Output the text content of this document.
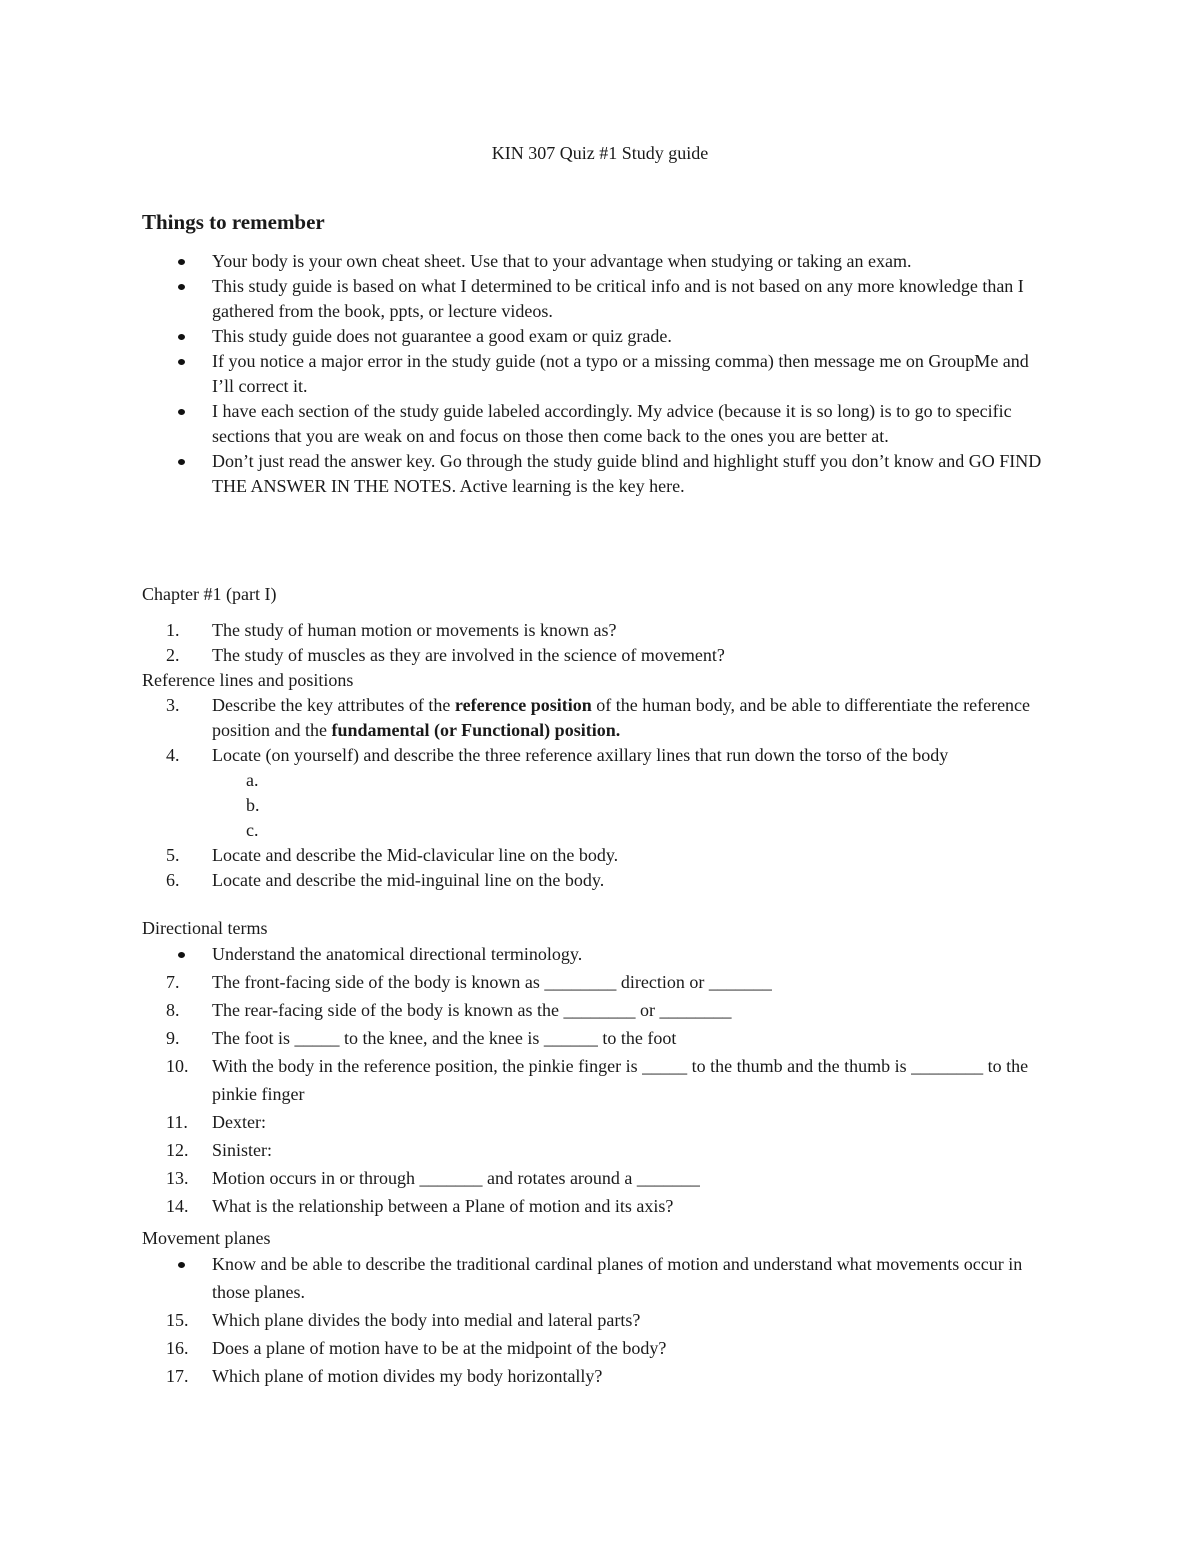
KIN 307 Quiz #1 Study guide
Things to remember
Your body is your own cheat sheet. Use that to your advantage when studying or taking an exam.
This study guide is based on what I determined to be critical info and is not based on any more knowledge than I gathered from the book, ppts, or lecture videos.
This study guide does not guarantee a good exam or quiz grade.
If you notice a major error in the study guide (not a typo or a missing comma) then message me on GroupMe and I’ll correct it.
I have each section of the study guide labeled accordingly. My advice (because it is so long) is to go to specific sections that you are weak on and focus on those then come back to the ones you are better at.
Don’t just read the answer key. Go through the study guide blind and highlight stuff you don’t know and GO FIND THE ANSWER IN THE NOTES. Active learning is the key here.
Chapter #1 (part I)
1.	The study of human motion or movements is known as?
2.	The study of muscles as they are involved in the science of movement?
Reference lines and positions
3.	Describe the key attributes of the reference position of the human body, and be able to differentiate the reference position and the fundamental (or Functional) position.
4.	Locate (on yourself) and describe the three reference axillary lines that run down the torso of the body
a.

b.

c.

5.	Locate and describe the Mid-clavicular line on the body.
6.	Locate and describe the mid-inguinal line on the body.
Directional terms
Understand the anatomical directional terminology.
7.	The front-facing side of the body is known as ________ direction or _______
8.	The rear-facing side of the body is known as the ________ or ________
9.	The foot is _____ to the knee, and the knee is ______ to the foot
10.	With the body in the reference position, the pinkie finger is _____ to the thumb and the thumb is ________ to the pinkie finger
11.	Dexter:
12.	Sinister:
13.	Motion occurs in or through _______ and rotates around a _______
14.	What is the relationship between a Plane of motion and its axis?
Movement planes
Know and be able to describe the traditional cardinal planes of motion and understand what movements occur in those planes.
15.	Which plane divides the body into medial and lateral parts?
16.	Does a plane of motion have to be at the midpoint of the body?
17.	Which plane of motion divides my body horizontally?
